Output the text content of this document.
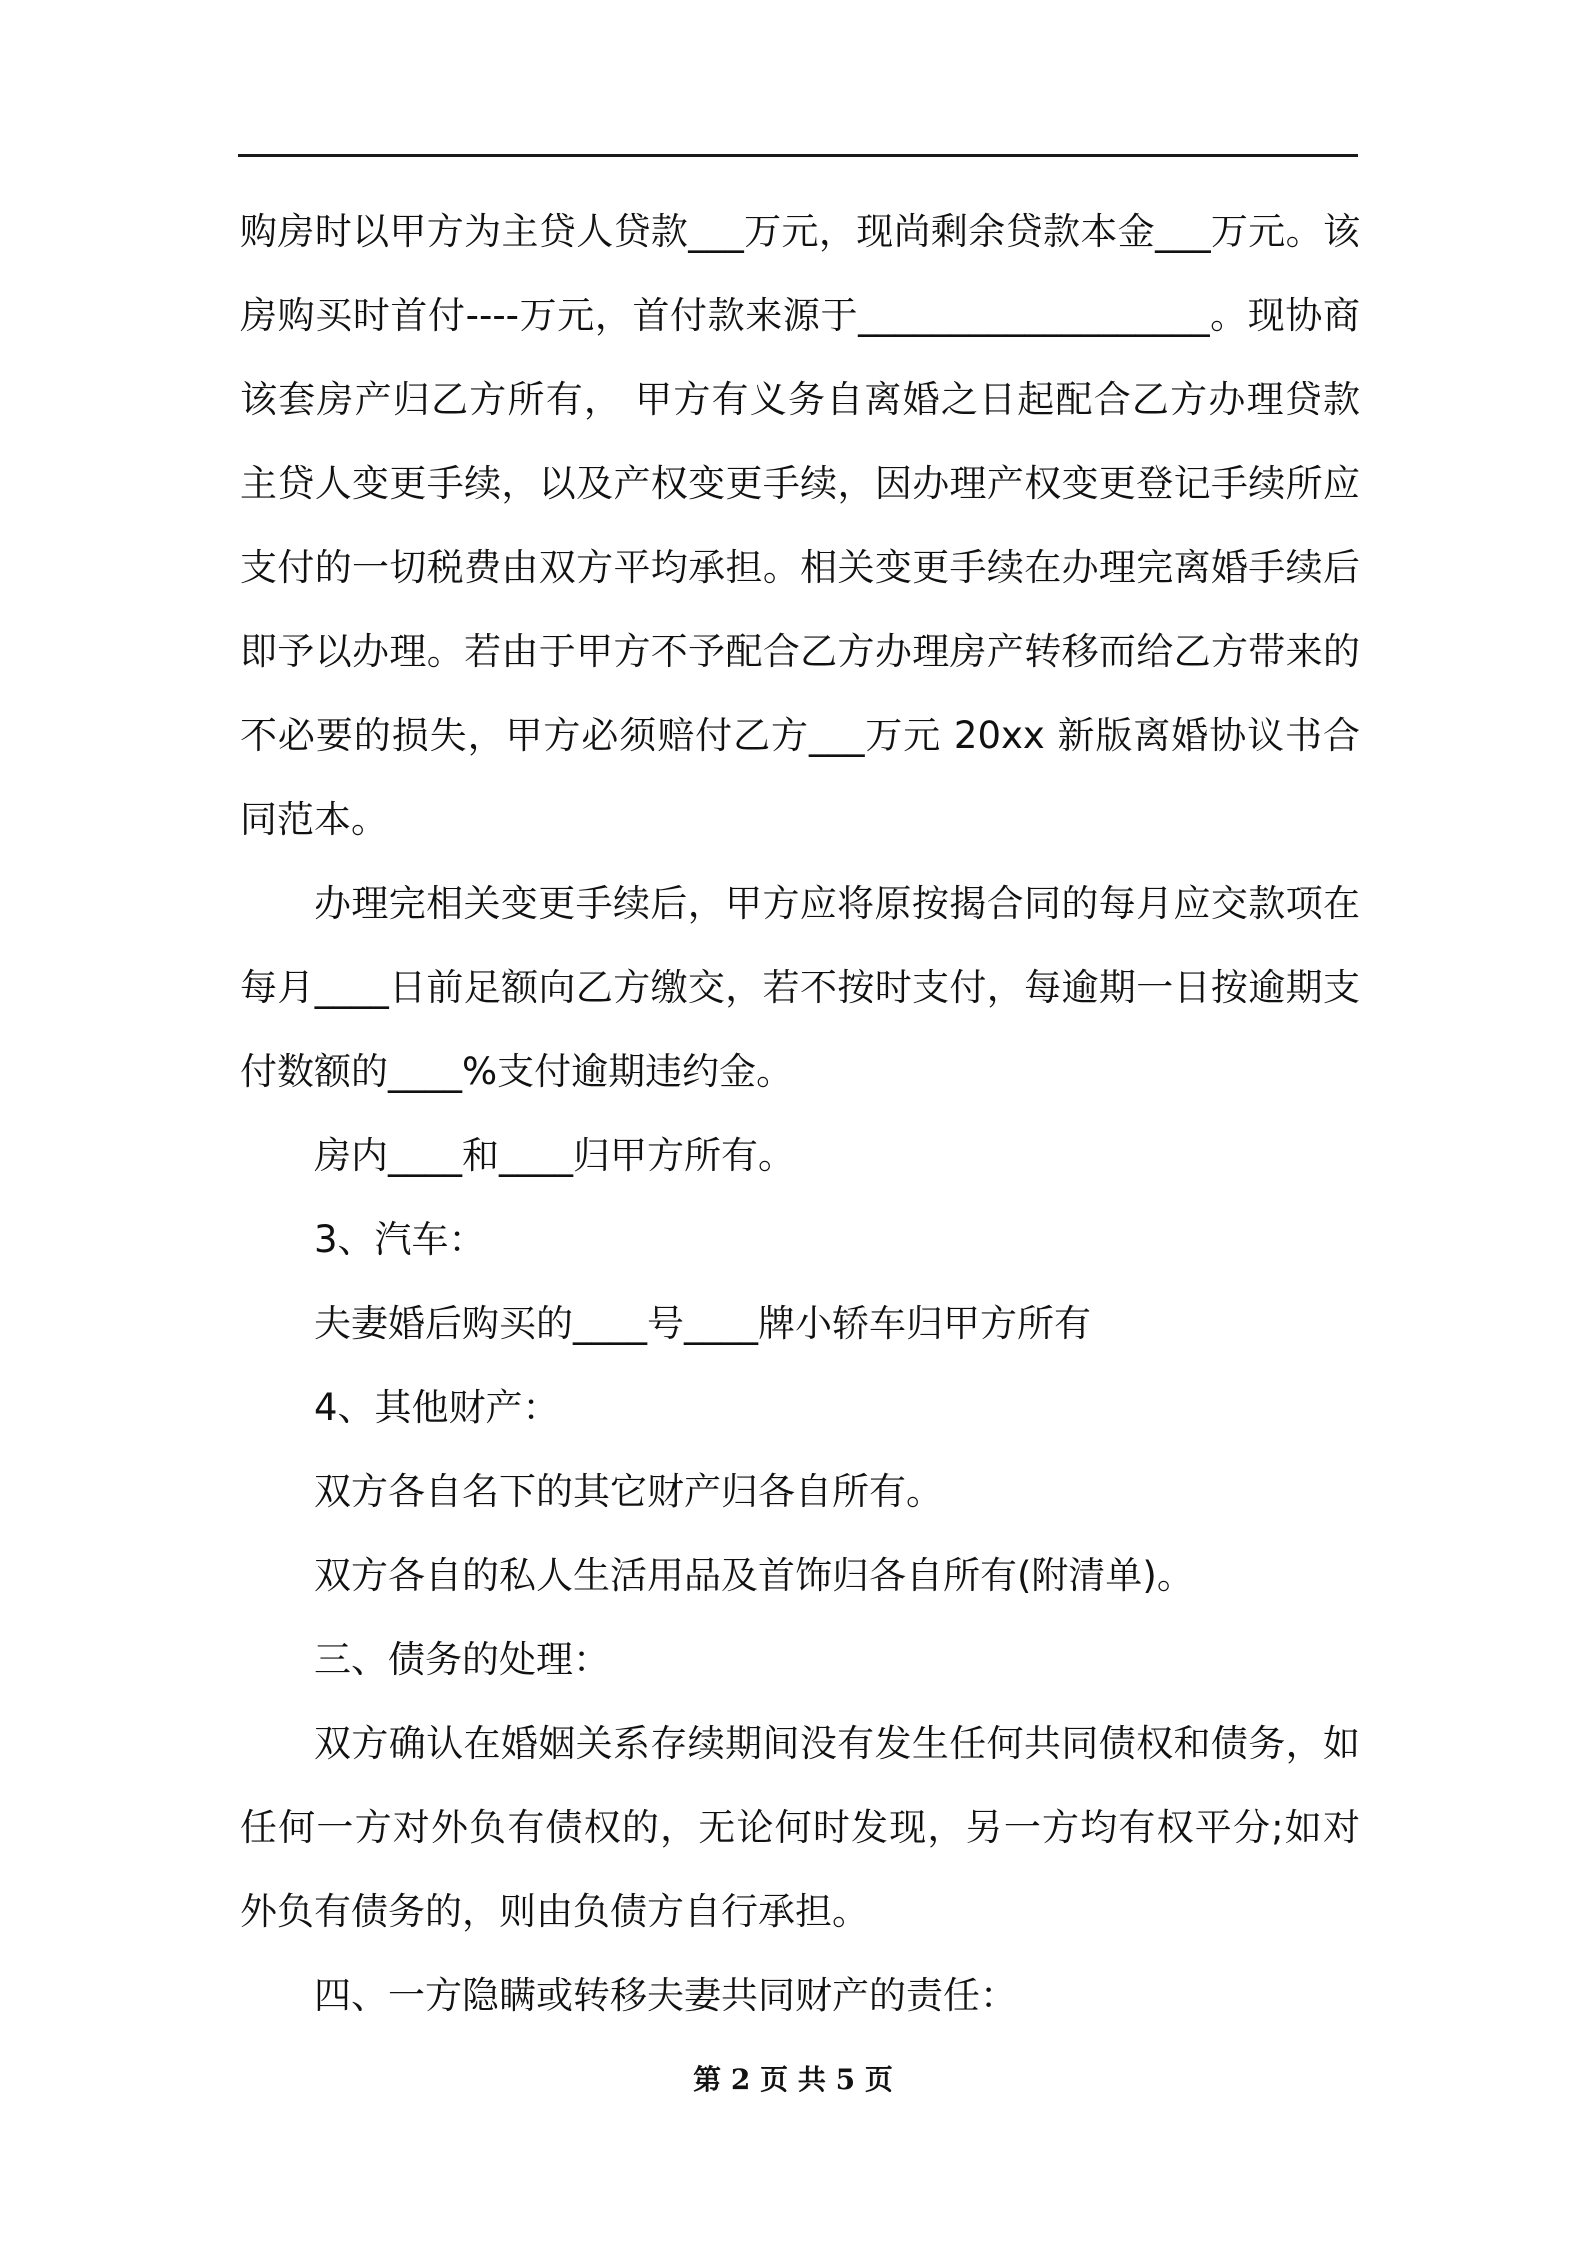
购房时以甲方为主贷人贷款___万元，现尚剩余贷款本金___万元。该房购买时首付----万元，首付款来源于___________________。现协商该套房产归乙方所有， 甲方有义务自离婚之日起配合乙方办理贷款主贷人变更手续，以及产权变更手续，因办理产权变更登记手续所应支付的一切税费由双方平均承担。相关变更手续在办理完离婚手续后即予以办理。若由于甲方不予配合乙方办理房产转移而给乙方带来的不必要的损失，甲方必须赔付乙方___万元 20xx 新版离婚协议书合同范本。

办理完相关变更手续后，甲方应将原按揭合同的每月应交款项在每月____日前足额向乙方缴交，若不按时支付，每逾期一日按逾期支付数额的____%支付逾期违约金。

房内____和____归甲方所有。

3、汽车：

夫妻婚后购买的____号____牌小轿车归甲方所有

4、其他财产：

双方各自名下的其它财产归各自所有。

双方各自的私人生活用品及首饰归各自所有(附清单)。

三、债务的处理：

双方确认在婚姻关系存续期间没有发生任何共同债权和债务，如任何一方对外负有债权的，无论何时发现，另一方均有权平分;如对外负有债务的，则由负债方自行承担。

四、一方隐瞒或转移夫妻共同财产的责任：

第 2 页 共 5 页
